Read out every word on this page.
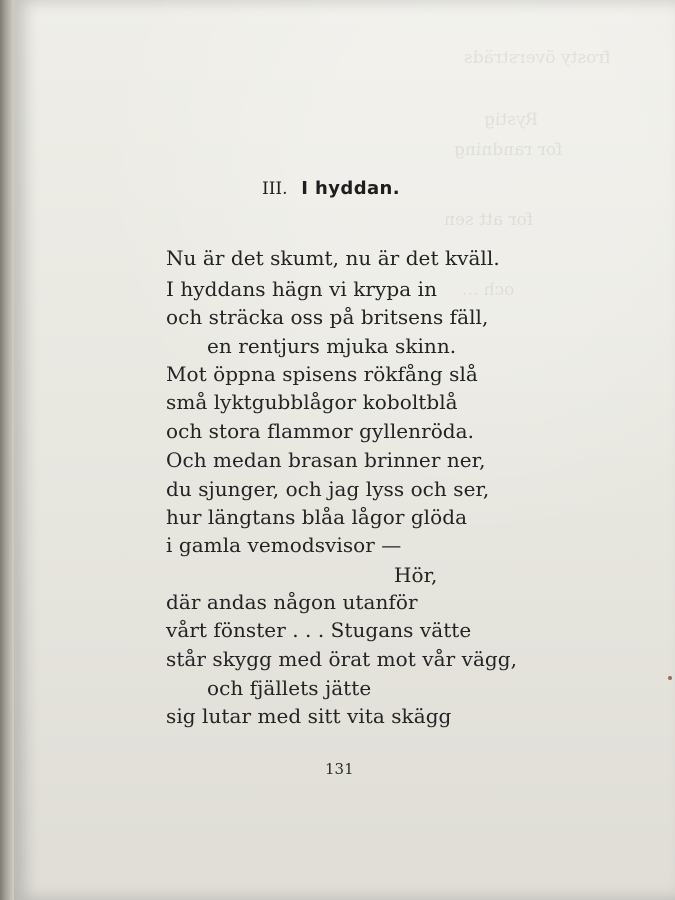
frosty översträds
Rystig
for randning
for att sen
och ...
III. I hyddan.
Nu är det skumt, nu är det kväll.
I hyddans hägn vi krypa in
och sträcka oss på britsens fäll,
en rentjurs mjuka skinn.
Mot öppna spisens rökfång slå
små lyktgubblågor koboltblå
och stora flammor gyllenröda.
Och medan brasan brinner ner,
du sjunger, och jag lyss och ser,
hur längtans blåa lågor glöda
i gamla vemodsvisor —
Hör,
där andas någon utanför
vårt fönster . . . Stugans vätte
står skygg med örat mot vår vägg,
och fjällets jätte
sig lutar med sitt vita skägg
131
